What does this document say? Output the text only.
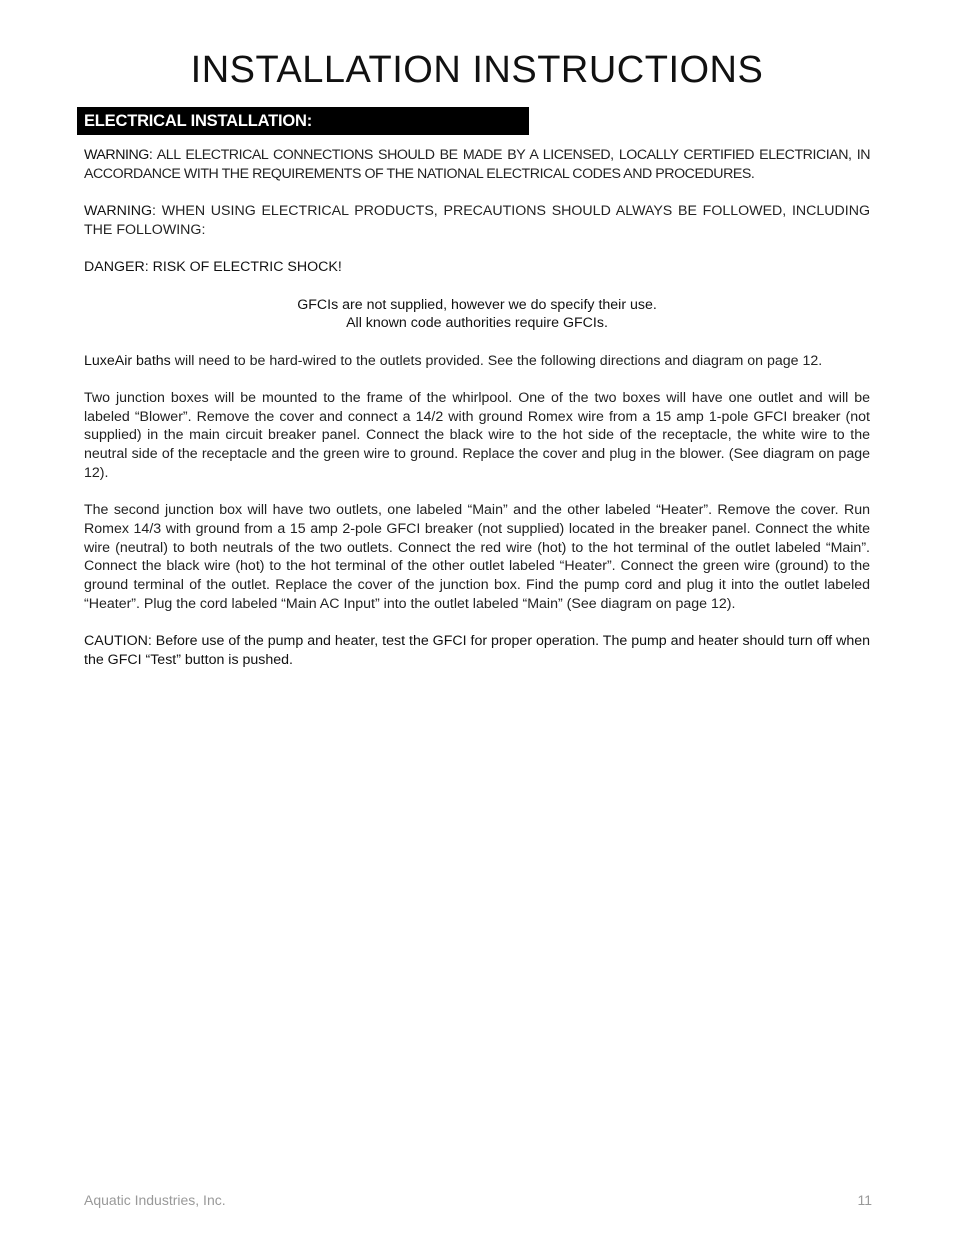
INSTALLATION INSTRUCTIONS
ELECTRICAL INSTALLATION:

WARNING: ALL ELECTRICAL CONNECTIONS SHOULD BE MADE BY A LICENSED, LOCALLY CERTIFIED ELECTRICIAN, IN ACCORDANCE WITH THE REQUIREMENTS OF THE NATIONAL ELECTRICAL CODES AND PROCEDURES.

WARNING: WHEN USING ELECTRICAL PRODUCTS, PRECAUTIONS SHOULD ALWAYS BE FOLLOWED, INCLUDING THE FOLLOWING:

DANGER: RISK OF ELECTRIC SHOCK!

GFCIs are not supplied, however we do specify their use.
All known code authorities require GFCIs.

LuxeAir baths will need to be hard-wired to the outlets provided. See the following directions and diagram on page 12.

Two junction boxes will be mounted to the frame of the whirlpool. One of the two boxes will have one outlet and will be labeled “Blower”. Remove the cover and connect a 14/2 with ground Romex wire from a 15 amp 1-pole GFCI breaker (not supplied) in the main circuit breaker panel. Connect the black wire to the hot side of the receptacle, the white wire to the neutral side of the receptacle and the green wire to ground. Replace the cover and plug in the blower. (See diagram on page 12).

The second junction box will have two outlets, one labeled “Main” and the other labeled “Heater”. Remove the cover. Run Romex 14/3 with ground from a 15 amp 2-pole GFCI breaker (not supplied) located in the breaker panel. Connect the white wire (neutral) to both neutrals of the two outlets. Connect the red wire (hot) to the hot terminal of the outlet labeled “Main”. Connect the black wire (hot) to the hot terminal of the other outlet labeled “Heater”. Connect the green wire (ground) to the ground terminal of the outlet. Replace the cover of the junction box. Find the pump cord and plug it into the outlet labeled “Heater”. Plug the cord labeled “Main AC Input” into the outlet labeled “Main” (See diagram on page 12).

CAUTION: Before use of the pump and heater, test the GFCI for proper operation. The pump and heater should turn off when the GFCI “Test” button is pushed.

Aquatic Industries, Inc.	11
